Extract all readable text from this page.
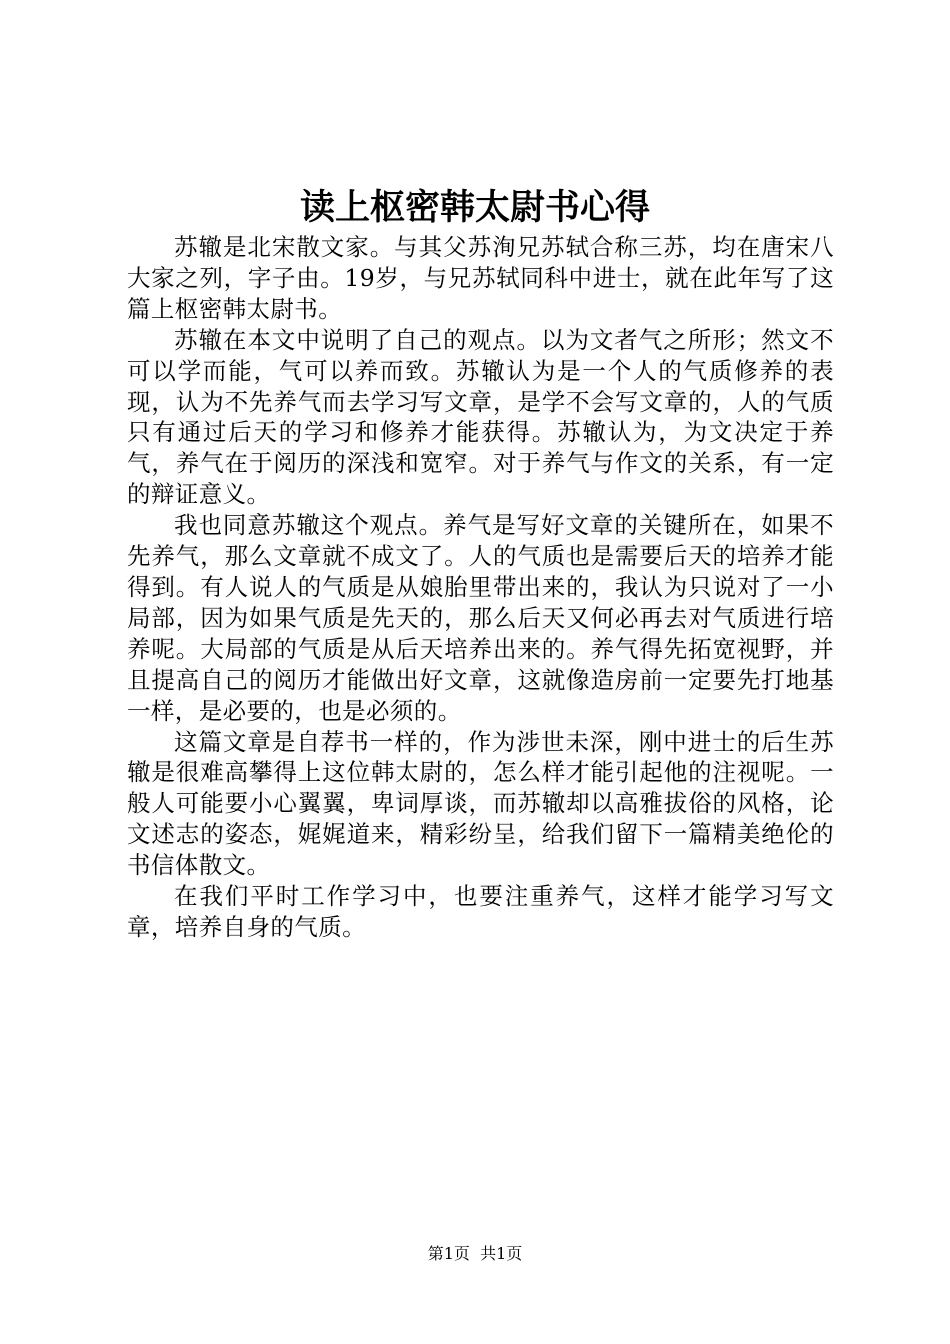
读上枢密韩太尉书心得

苏辙是北宋散文家。与其父苏洵兄苏轼合称三苏，均在唐宋八大家之列，字子由。19岁，与兄苏轼同科中进士，就在此年写了这篇上枢密韩太尉书。

苏辙在本文中说明了自己的观点。以为文者气之所形；然文不可以学而能，气可以养而致。苏辙认为是一个人的气质修养的表现，认为不先养气而去学习写文章，是学不会写文章的，人的气质只有通过后天的学习和修养才能获得。苏辙认为，为文决定于养气，养气在于阅历的深浅和宽窄。对于养气与作文的关系，有一定的辩证意义。

我也同意苏辙这个观点。养气是写好文章的关键所在，如果不先养气，那么文章就不成文了。人的气质也是需要后天的培养才能得到。有人说人的气质是从娘胎里带出来的，我认为只说对了一小局部，因为如果气质是先天的，那么后天又何必再去对气质进行培养呢。大局部的气质是从后天培养出来的。养气得先拓宽视野，并且提高自己的阅历才能做出好文章，这就像造房前一定要先打地基一样，是必要的，也是必须的。

这篇文章是自荐书一样的，作为涉世未深，刚中进士的后生苏辙是很难高攀得上这位韩太尉的，怎么样才能引起他的注视呢。一般人可能要小心翼翼，卑词厚谈，而苏辙却以高雅拔俗的风格，论文述志的姿态，娓娓道来，精彩纷呈，给我们留下一篇精美绝伦的书信体散文。

在我们平时工作学习中，也要注重养气，这样才能学习写文章，培养自身的气质。

第1页 共1页
